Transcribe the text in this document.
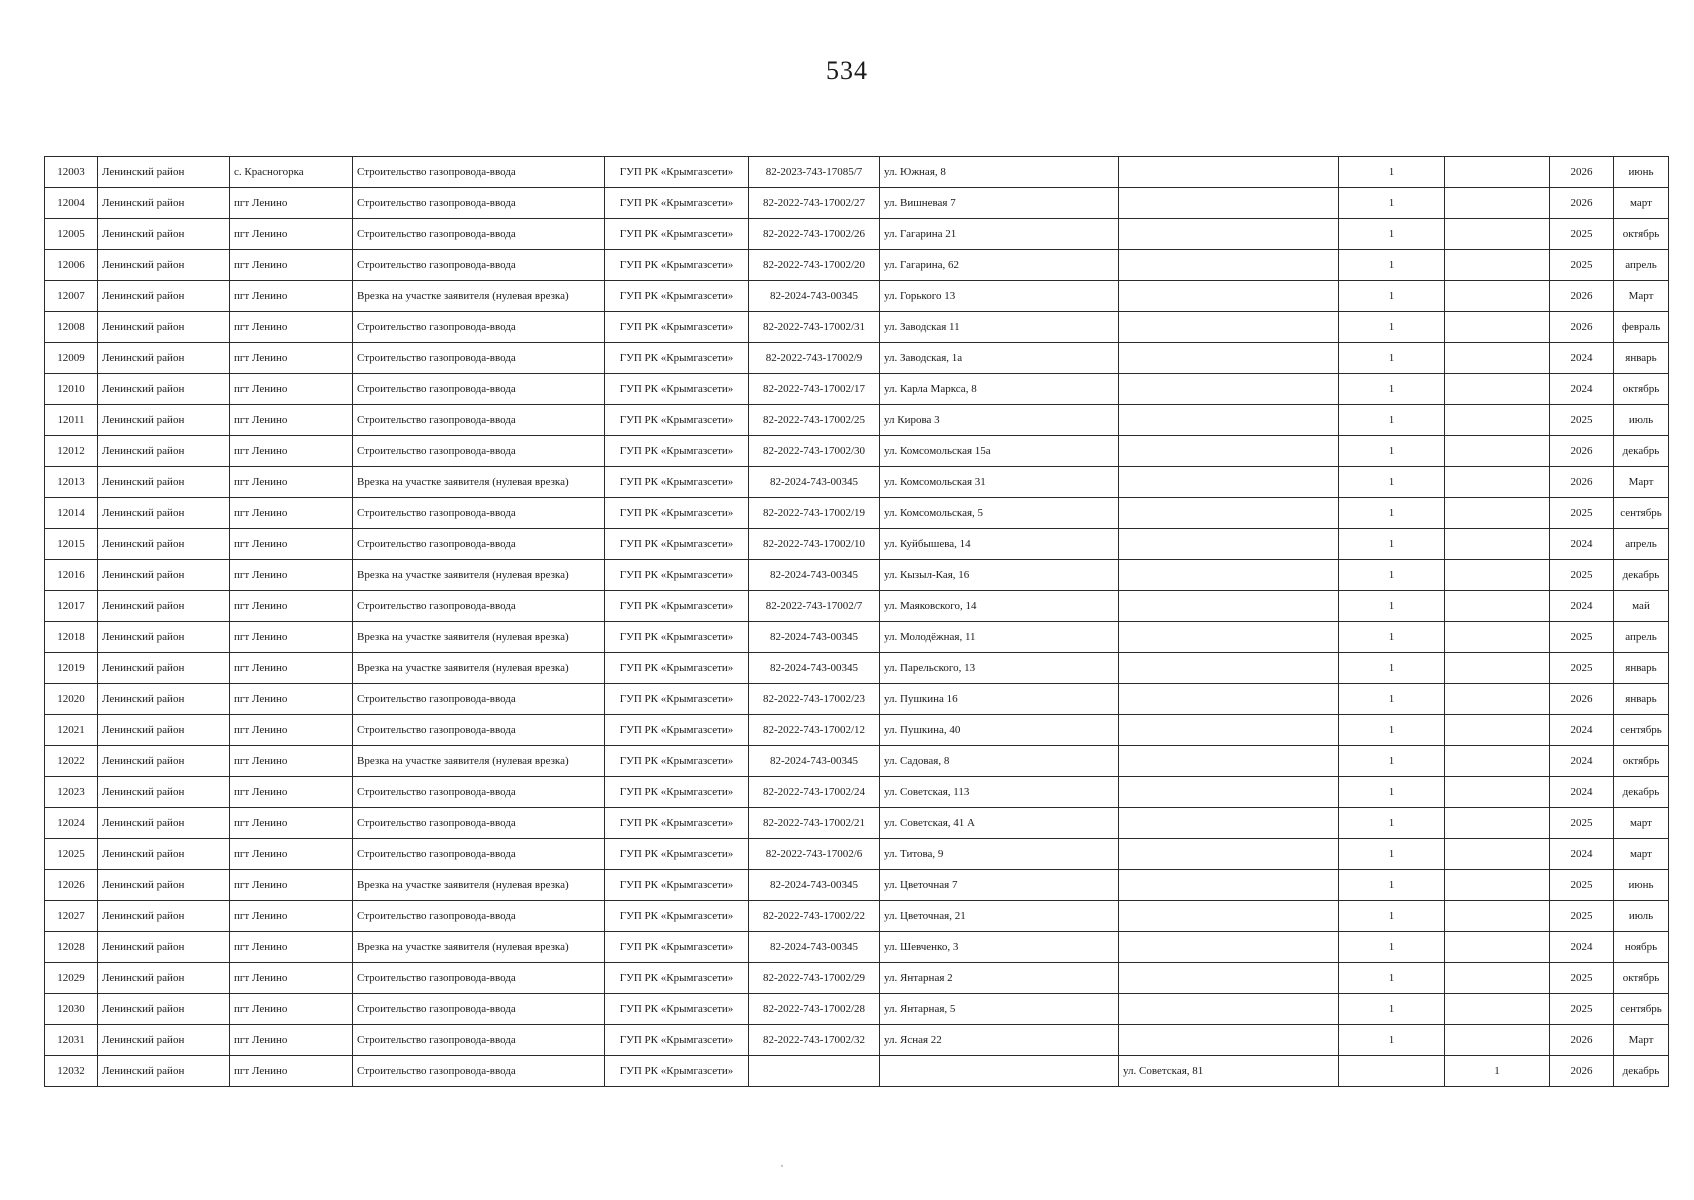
534
12003	Ленинский район	с. Красногорка	Строительство газопровода-ввода	ГУП РК «Крымгазсети»	82-2023-743-17085/7	ул. Южная, 8		1		2026	июнь
12004	Ленинский район	пгт Ленино	Строительство газопровода-ввода	ГУП РК «Крымгазсети»	82-2022-743-17002/27	ул. Вишневая 7		1		2026	март
12005	Ленинский район	пгт Ленино	Строительство газопровода-ввода	ГУП РК «Крымгазсети»	82-2022-743-17002/26	ул. Гагарина 21		1		2025	октябрь
12006	Ленинский район	пгт Ленино	Строительство газопровода-ввода	ГУП РК «Крымгазсети»	82-2022-743-17002/20	ул. Гагарина, 62		1		2025	апрель
12007	Ленинский район	пгт Ленино	Врезка на участке заявителя (нулевая врезка)	ГУП РК «Крымгазсети»	82-2024-743-00345	ул. Горького 13		1		2026	Март
12008	Ленинский район	пгт Ленино	Строительство газопровода-ввода	ГУП РК «Крымгазсети»	82-2022-743-17002/31	ул. Заводская 11		1		2026	февраль
12009	Ленинский район	пгт Ленино	Строительство газопровода-ввода	ГУП РК «Крымгазсети»	82-2022-743-17002/9	ул. Заводская, 1а		1		2024	январь
12010	Ленинский район	пгт Ленино	Строительство газопровода-ввода	ГУП РК «Крымгазсети»	82-2022-743-17002/17	ул. Карла Маркса, 8		1		2024	октябрь
12011	Ленинский район	пгт Ленино	Строительство газопровода-ввода	ГУП РК «Крымгазсети»	82-2022-743-17002/25	ул Кирова 3		1		2025	июль
12012	Ленинский район	пгт Ленино	Строительство газопровода-ввода	ГУП РК «Крымгазсети»	82-2022-743-17002/30	ул. Комсомольская 15а		1		2026	декабрь
12013	Ленинский район	пгт Ленино	Врезка на участке заявителя (нулевая врезка)	ГУП РК «Крымгазсети»	82-2024-743-00345	ул. Комсомольская 31		1		2026	Март
12014	Ленинский район	пгт Ленино	Строительство газопровода-ввода	ГУП РК «Крымгазсети»	82-2022-743-17002/19	ул. Комсомольская, 5		1		2025	сентябрь
12015	Ленинский район	пгт Ленино	Строительство газопровода-ввода	ГУП РК «Крымгазсети»	82-2022-743-17002/10	ул. Куйбышева, 14		1		2024	апрель
12016	Ленинский район	пгт Ленино	Врезка на участке заявителя (нулевая врезка)	ГУП РК «Крымгазсети»	82-2024-743-00345	ул. Кызыл-Кая, 16		1		2025	декабрь
12017	Ленинский район	пгт Ленино	Строительство газопровода-ввода	ГУП РК «Крымгазсети»	82-2022-743-17002/7	ул. Маяковского, 14		1		2024	май
12018	Ленинский район	пгт Ленино	Врезка на участке заявителя (нулевая врезка)	ГУП РК «Крымгазсети»	82-2024-743-00345	ул. Молодёжная, 11		1		2025	апрель
12019	Ленинский район	пгт Ленино	Врезка на участке заявителя (нулевая врезка)	ГУП РК «Крымгазсети»	82-2024-743-00345	ул. Парельского, 13		1		2025	январь
12020	Ленинский район	пгт Ленино	Строительство газопровода-ввода	ГУП РК «Крымгазсети»	82-2022-743-17002/23	ул. Пушкина 16		1		2026	январь
12021	Ленинский район	пгт Ленино	Строительство газопровода-ввода	ГУП РК «Крымгазсети»	82-2022-743-17002/12	ул. Пушкина, 40		1		2024	сентябрь
12022	Ленинский район	пгт Ленино	Врезка на участке заявителя (нулевая врезка)	ГУП РК «Крымгазсети»	82-2024-743-00345	ул. Садовая, 8		1		2024	октябрь
12023	Ленинский район	пгт Ленино	Строительство газопровода-ввода	ГУП РК «Крымгазсети»	82-2022-743-17002/24	ул. Советская, 113		1		2024	декабрь
12024	Ленинский район	пгт Ленино	Строительство газопровода-ввода	ГУП РК «Крымгазсети»	82-2022-743-17002/21	ул. Советская, 41 А		1		2025	март
12025	Ленинский район	пгт Ленино	Строительство газопровода-ввода	ГУП РК «Крымгазсети»	82-2022-743-17002/6	ул. Титова, 9		1		2024	март
12026	Ленинский район	пгт Ленино	Врезка на участке заявителя (нулевая врезка)	ГУП РК «Крымгазсети»	82-2024-743-00345	ул. Цветочная 7		1		2025	июнь
12027	Ленинский район	пгт Ленино	Строительство газопровода-ввода	ГУП РК «Крымгазсети»	82-2022-743-17002/22	ул. Цветочная, 21		1		2025	июль
12028	Ленинский район	пгт Ленино	Врезка на участке заявителя (нулевая врезка)	ГУП РК «Крымгазсети»	82-2024-743-00345	ул. Шевченко, 3		1		2024	ноябрь
12029	Ленинский район	пгт Ленино	Строительство газопровода-ввода	ГУП РК «Крымгазсети»	82-2022-743-17002/29	ул. Янтарная 2		1		2025	октябрь
12030	Ленинский район	пгт Ленино	Строительство газопровода-ввода	ГУП РК «Крымгазсети»	82-2022-743-17002/28	ул. Янтарная, 5		1		2025	сентябрь
12031	Ленинский район	пгт Ленино	Строительство газопровода-ввода	ГУП РК «Крымгазсети»	82-2022-743-17002/32	ул. Ясная 22		1		2026	Март
12032	Ленинский район	пгт Ленино	Строительство газопровода-ввода	ГУП РК «Крымгазсети»			ул. Советская, 81		1	2026	декабрь
,
